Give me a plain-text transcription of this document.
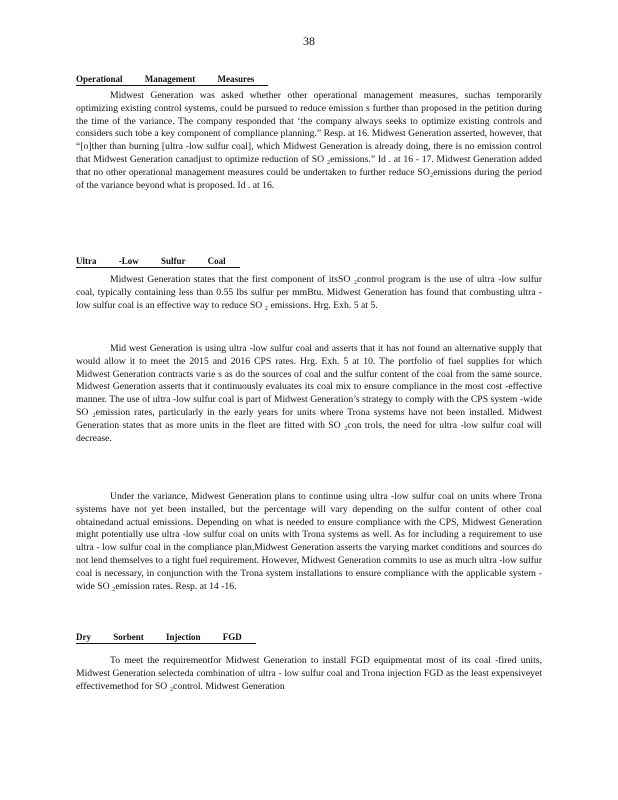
38
Operational Management Measures

Midwest Generation was asked whether other operational management measures, suchas temporarily optimizing existing control systems, could be pursued to reduce emission s further than proposed in the petition during the time of the variance. The company responded that ‘the company always seeks to optimize existing controls and considers such tobe a key component of compliance planning.” Resp. at 16. Midwest Generation asserted, however, that “[o]ther than burning [ultra -low sulfur coal], which Midwest Generation is already doing, there is no emission control that Midwest Generation canadjust to optimize reduction of SO ₂emissions.” Id . at 16 - 17. Midwest Generation added that no other operational management measures could be undertaken to further reduce SO₂emissions during the period of the variance beyond what is proposed. Id . at 16.

Ultra -Low Sulfur Coal

Midwest Generation states that the first component of itsSO ₂control program is the use of ultra -low sulfur coal, typically containing less than 0.55 lbs sulfur per mmBtu. Midwest Generation has found that combusting ultra -low sulfur coal is an effective way to reduce SO ₂ emissions. Hrg. Exh. 5 at 5.

Mid west Generation is using ultra -low sulfur coal and asserts that it has not found an alternative supply that would allow it to meet the 2015 and 2016 CPS rates. Hrg. Exh. 5 at 10. The portfolio of fuel supplies for which Midwest Generation contracts varie s as do the sources of coal and the sulfur content of the coal from the same source. Midwest Generation asserts that it continuously evaluates its coal mix to ensure compliance in the most cost -effective manner. The use of ultra -low sulfur coal is part of Midwest Generation’s strategy to comply with the CPS system -wide SO ₂emission rates, particularly in the early years for units where Trona systems have not been installed. Midwest Generation states that as more units in the fleet are fitted with SO ₂con trols, the need for ultra -low sulfur coal will decrease.

Under the variance, Midwest Generation plans to continue using ultra -low sulfur coal on units where Trona systems have not yet been installed, but the percentage will vary depending on the sulfur content of other coal obtainedand actual emissions. Depending on what is needed to ensure compliance with the CPS, Midwest Generation might potentially use ultra -low sulfur coal on units with Trona systems as well. As for including a requirement to use ultra - low sulfur coal in the compliance plan,Midwest Generation asserts the varying market conditions and sources do not lend themselves to a tight fuel requirement. However, Midwest Generation commits to use as much ultra -low sulfur coal is necessary, in conjunction with the Trona system installations to ensure compliance with the applicable system -wide SO ₂emission rates. Resp. at 14 -16.

Dry Sorbent Injection FGD

To meet the requirementfor Midwest Generation to install FGD equipmentat most of its coal -fired units, Midwest Generation selecteda combination of ultra - low sulfur coal and Trona injection FGD as the least expensiveyet effectivemethod for SO ₂control. Midwest Generation
